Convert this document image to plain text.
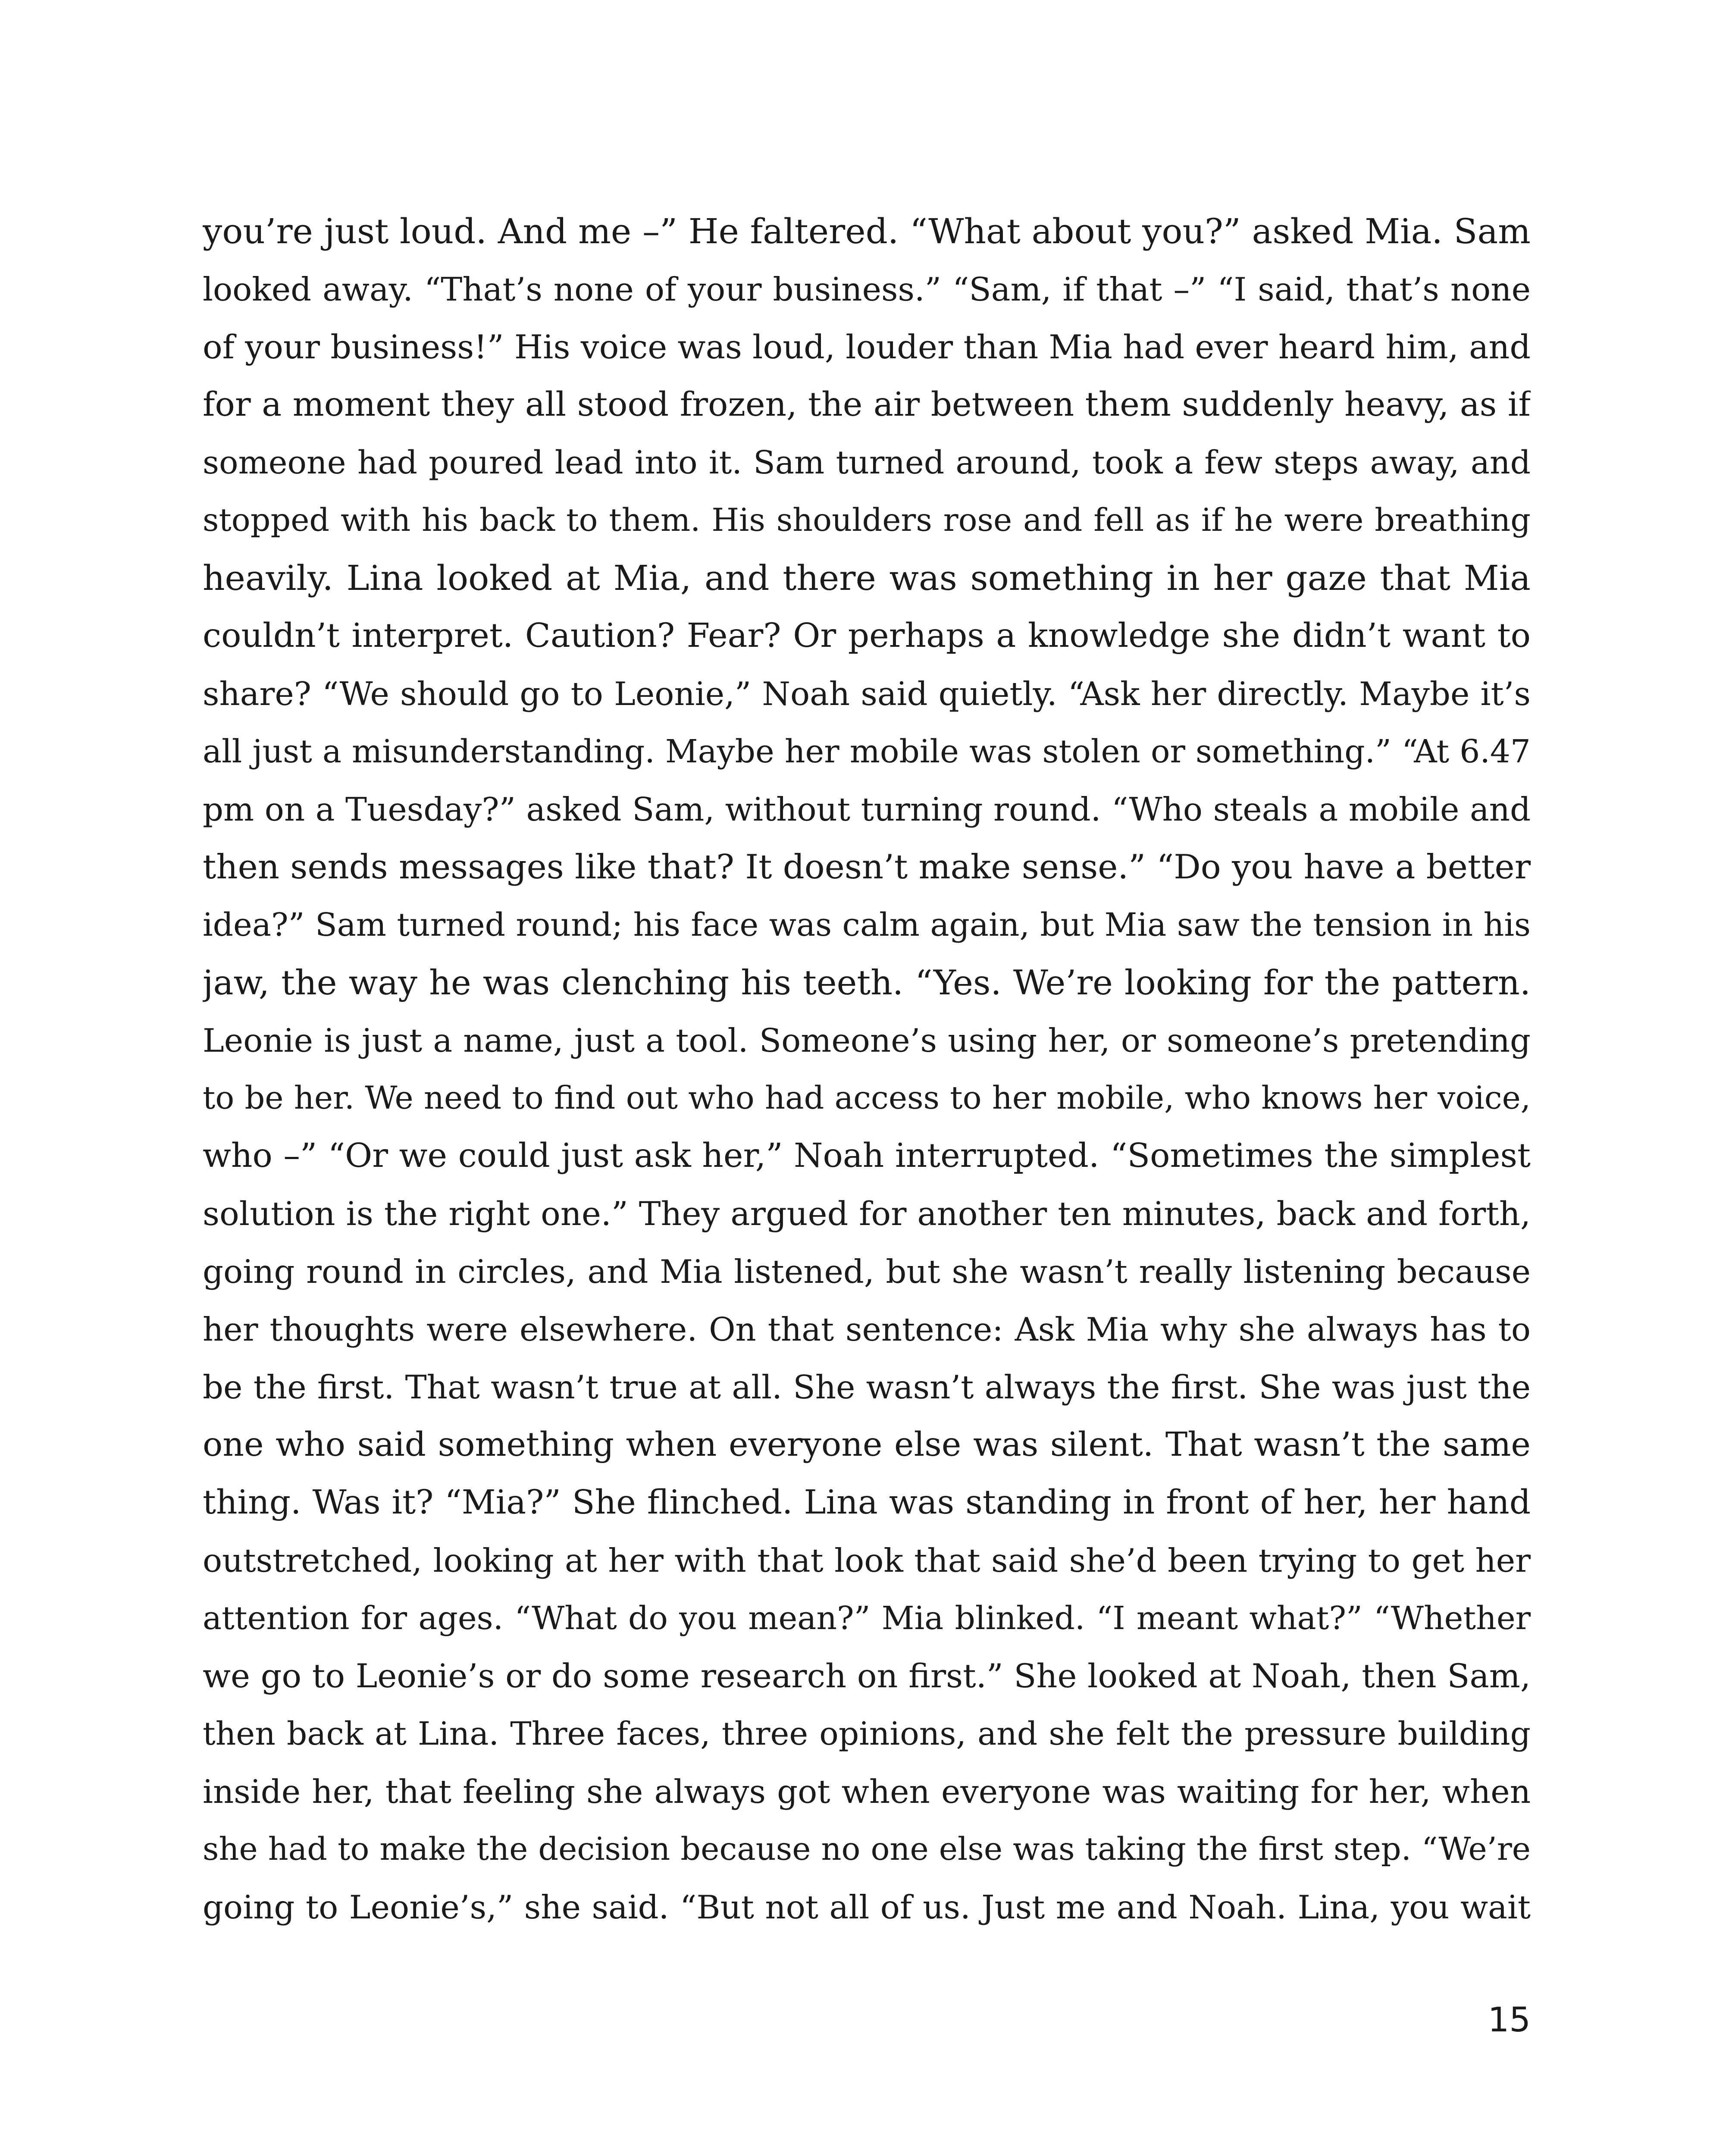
you’re just loud. And me –” He faltered. “What about you?” asked Mia. Sam
looked away. “That’s none of your business.” “Sam, if that –” “I said, that’s none
of your business!” His voice was loud, louder than Mia had ever heard him, and
for a moment they all stood frozen, the air between them suddenly heavy, as if
someone had poured lead into it. Sam turned around, took a few steps away, and
stopped with his back to them. His shoulders rose and fell as if he were breathing
heavily. Lina looked at Mia, and there was something in her gaze that Mia
couldn’t interpret. Caution? Fear? Or perhaps a knowledge she didn’t want to
share? “We should go to Leonie,” Noah said quietly. “Ask her directly. Maybe it’s
all just a misunderstanding. Maybe her mobile was stolen or something.” “At 6.47
pm on a Tuesday?” asked Sam, without turning round. “Who steals a mobile and
then sends messages like that? It doesn’t make sense.” “Do you have a better
idea?” Sam turned round; his face was calm again, but Mia saw the tension in his
jaw, the way he was clenching his teeth. “Yes. We’re looking for the pattern.
Leonie is just a name, just a tool. Someone’s using her, or someone’s pretending
to be her. We need to find out who had access to her mobile, who knows her voice,
who –” “Or we could just ask her,” Noah interrupted. “Sometimes the simplest
solution is the right one.” They argued for another ten minutes, back and forth,
going round in circles, and Mia listened, but she wasn’t really listening because
her thoughts were elsewhere. On that sentence: Ask Mia why she always has to
be the first. That wasn’t true at all. She wasn’t always the first. She was just the
one who said something when everyone else was silent. That wasn’t the same
thing. Was it? “Mia?” She flinched. Lina was standing in front of her, her hand
outstretched, looking at her with that look that said she’d been trying to get her
attention for ages. “What do you mean?” Mia blinked. “I meant what?” “Whether
we go to Leonie’s or do some research on first.” She looked at Noah, then Sam,
then back at Lina. Three faces, three opinions, and she felt the pressure building
inside her, that feeling she always got when everyone was waiting for her, when
she had to make the decision because no one else was taking the first step. “We’re
going to Leonie’s,” she said. “But not all of us. Just me and Noah. Lina, you wait
15
